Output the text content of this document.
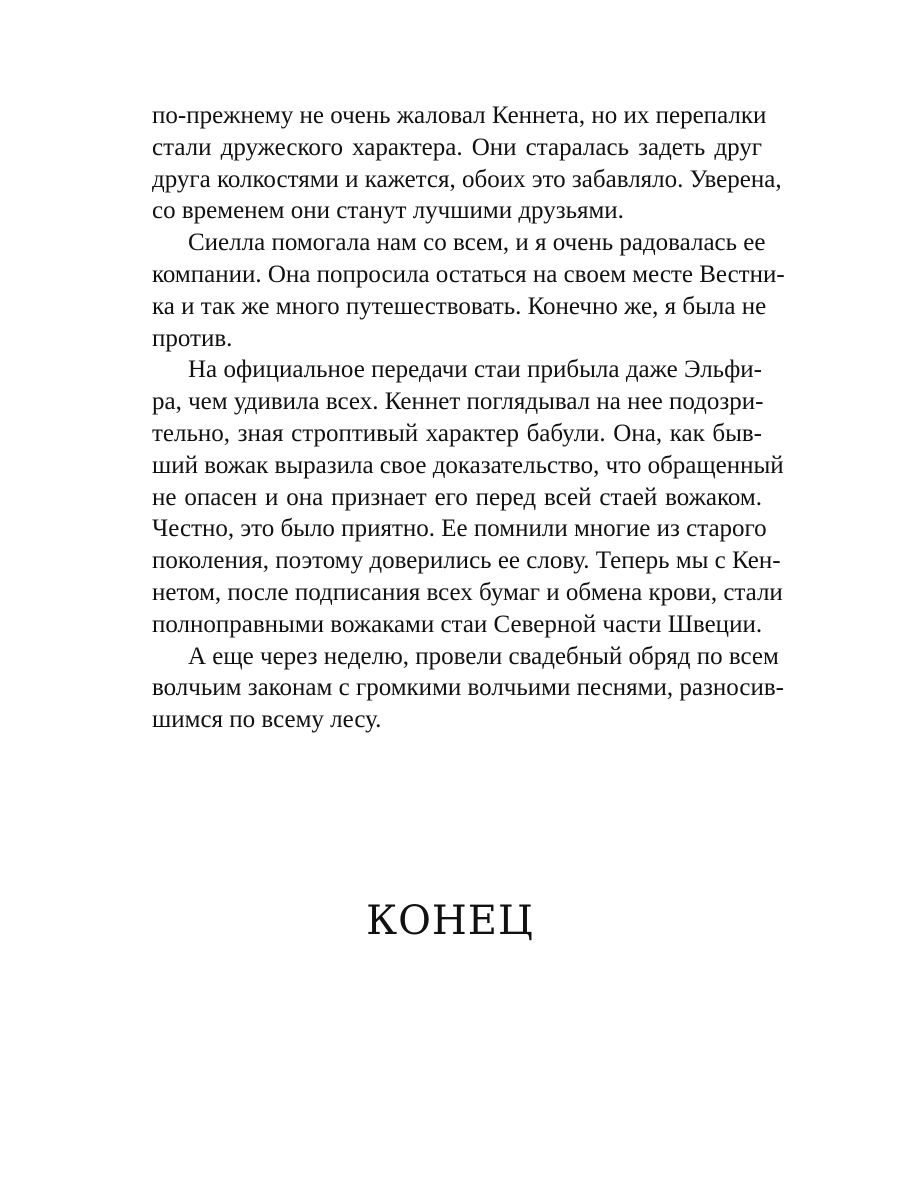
по-прежнему не очень жаловал Кеннета, но их перепалки
стали дружеского характера. Они старалась задеть друг
друга колкостями и кажется, обоих это забавляло. Уверена,
со временем они станут лучшими друзьями.
Сиелла помогала нам со всем, и я очень радовалась ее
компании. Она попросила остаться на своем месте Вестни-
ка и так же много путешествовать. Конечно же, я была не
против.
На официальное передачи стаи прибыла даже Эльфи-
ра, чем удивила всех. Кеннет поглядывал на нее подозри-
тельно, зная строптивый характер бабули. Она, как быв-
ший вожак выразила свое доказательство, что обращенный
не опасен и она признает его перед всей стаей вожаком.
Честно, это было приятно. Ее помнили многие из старого
поколения, поэтому доверились ее слову. Теперь мы с Кен-
нетом, после подписания всех бумаг и обмена крови, стали
полноправными вожаками стаи Северной части Швеции.
А еще через неделю, провели свадебный обряд по всем
волчьим законам с громкими волчьими песнями, разносив-
шимся по всему лесу.
КОНЕЦ
